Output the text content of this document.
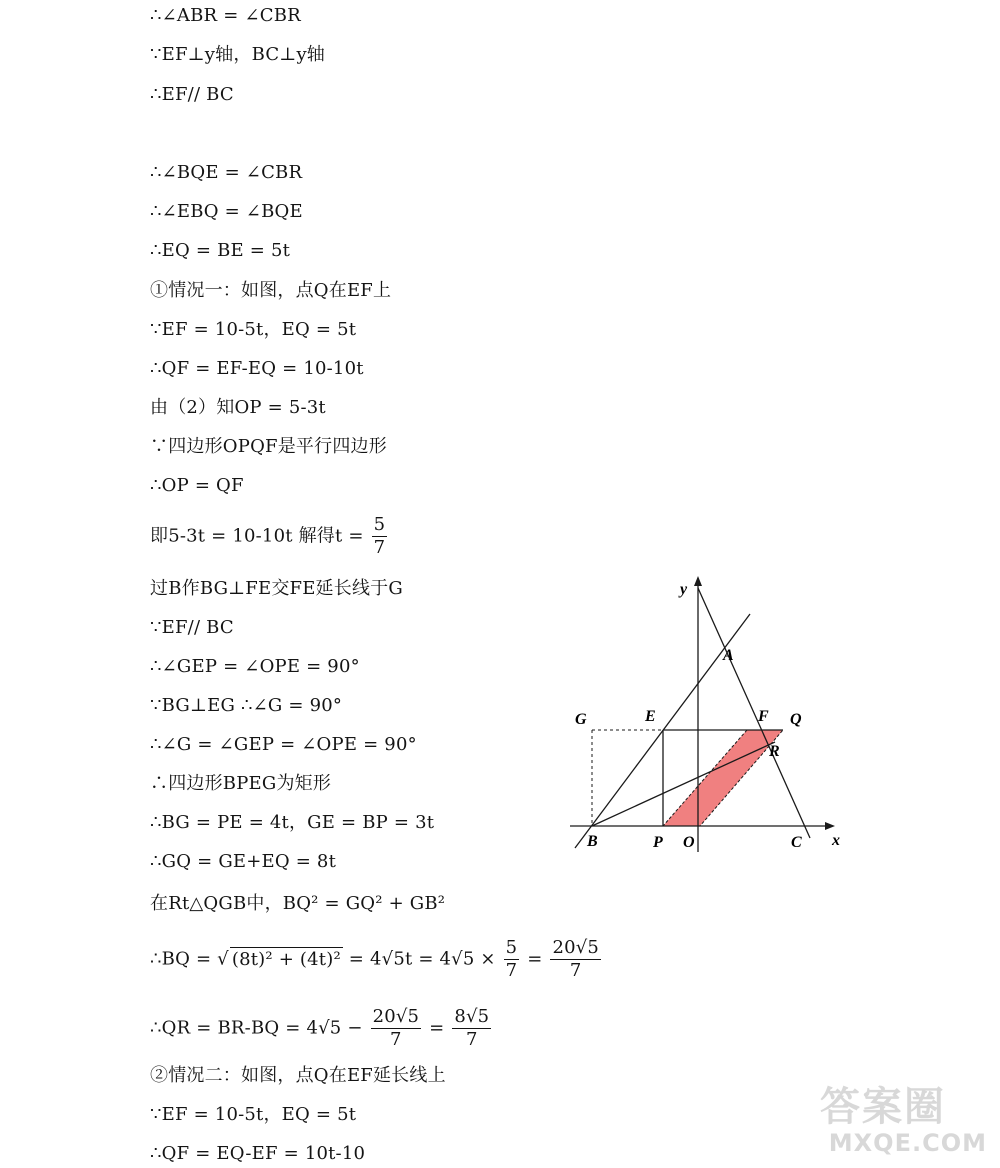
∴∠ABR = ∠CBR
∵EF⊥y轴，BC⊥y轴
∴EF// BC
∴∠BQE = ∠CBR
∴∠EBQ = ∠BQE
∴EQ = BE = 5t
①情况一：如图，点Q在EF上
∵EF = 10-5t，EQ = 5t
∴QF = EF-EQ = 10-10t
由（2）知OP = 5-3t
∵四边形OPQF是平行四边形
∴OP = QF
即5-3t = 10-10t 解得$t = \frac{5}{7}$
过B作BG⊥FE交FE延长线于G
∵EF// BC
∴∠GEP = ∠OPE = 90°
∵BG⊥EG ∴∠G = 90°
∴∠G = ∠GEP = ∠OPE = 90°
∴四边形BPEG为矩形
∴BG = PE = 4t，GE = BP = 3t
∴GQ = GE+EQ = 8t
在Rt△QGB中，BQ² = GQ² + GB²
∴BQ = √ $(8t)^2 + (4t)^2 = 4√5t = 4√5 \times \frac{5}{7} = \frac{20√5}{7}$
∴QR = $BR-BQ = 4√5 - \frac{20√5}{7} = \frac{8√5}{7}$
②情况二：如图，点Q在EF延长线上
∵EF = 10-5t，EQ = 5t
∴QF = EQ-EF = 10t-10
y
x
A
E	F Q
G
R
B	P O	C
答案圈
MXQE.COM
